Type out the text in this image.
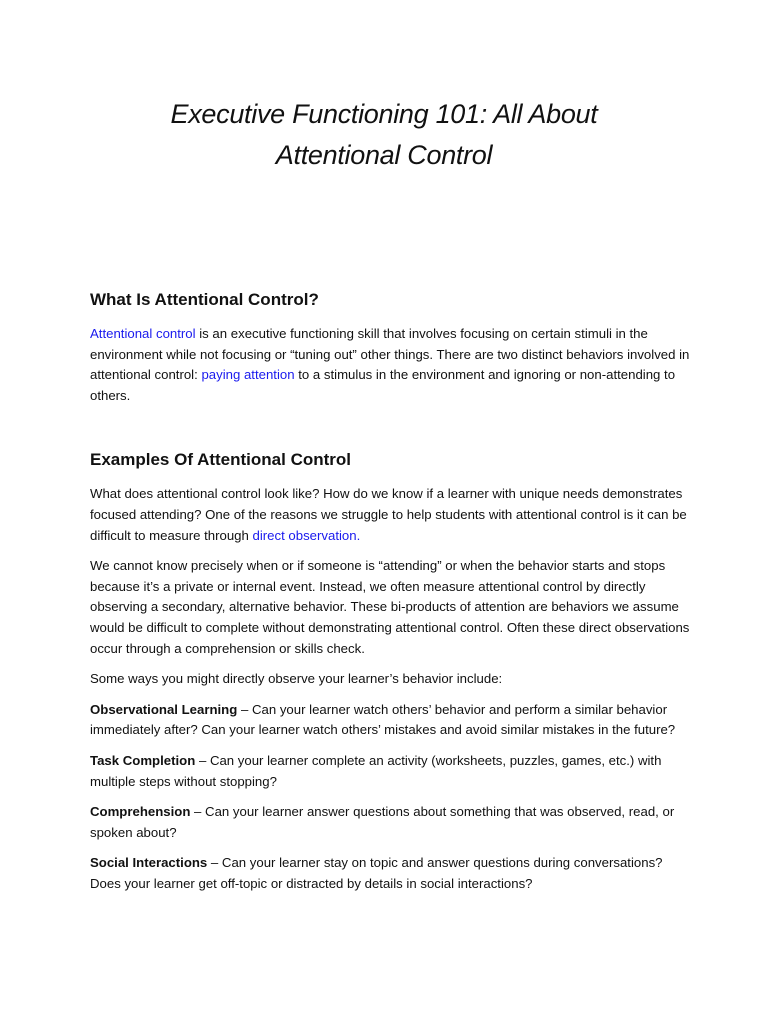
Executive Functioning 101: All About
Attentional Control
What Is Attentional Control?

Attentional control is an executive functioning skill that involves focusing on certain stimuli in the environment while not focusing or “tuning out” other things. There are two distinct behaviors involved in attentional control: paying attention to a stimulus in the environment and ignoring or non-attending to others.

Examples Of Attentional Control

What does attentional control look like? How do we know if a learner with unique needs demonstrates focused attending? One of the reasons we struggle to help students with attentional control is it can be difficult to measure through direct observation.

We cannot know precisely when or if someone is “attending” or when the behavior starts and stops because it’s a private or internal event. Instead, we often measure attentional control by directly observing a secondary, alternative behavior. These bi-products of attention are behaviors we assume would be difficult to complete without demonstrating attentional control. Often these direct observations occur through a comprehension or skills check.

Some ways you might directly observe your learner’s behavior include:

Observational Learning – Can your learner watch others’ behavior and perform a similar behavior immediately after? Can your learner watch others’ mistakes and avoid similar mistakes in the future?

Task Completion – Can your learner complete an activity (worksheets, puzzles, games, etc.) with multiple steps without stopping?

Comprehension – Can your learner answer questions about something that was observed, read, or spoken about?

Social Interactions – Can your learner stay on topic and answer questions during conversations? Does your learner get off-topic or distracted by details in social interactions?
